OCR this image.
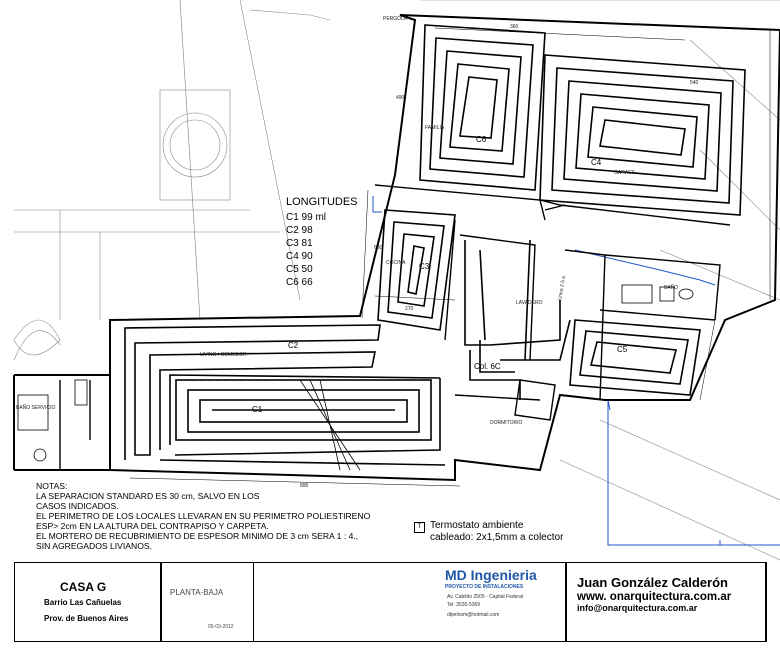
C1
C2
C3
C4
C5
C6
Col. 6C
LIVING / COMEDOR
COCINA
LAVADERO
GARAGE
FAMILIA
BAÑO
DORMITORIO
BAÑO SERVICIO
PERGOLA
Linea 2.5 a
895
360
270
630
540
490
LONGITUDES
C1 99 ml
C2 98
C3 81
C4 90
C5 50
C6 66
NOTAS:
LA SEPARACION STANDARD ES 30 cm, SALVO EN LOS
CASOS INDICADOS.
EL PERIMETRO DE LOS LOCALES LLEVARAN EN SU PERIMETRO POLIESTIRENO
ESP> 2cm EN LA ALTURA DEL CONTRAPISO Y CARPETA.
EL MORTERO DE RECUBRIMIENTO DE ESPESOR MINIMO DE 3 cm SERA 1 : 4.,
SIN AGREGADOS LIVIANOS.
T Termostato ambiente
cableado: 2x1,5mm a colector
CASA G
Barrio Las Cañuelas
Prov. de Buenos Aires
PLANTA-BAJA
05-03-2012
MD Ingenieria
PROYECTO DE INSTALACIONES
Av. Cabildo 2505 - Capital Federal
Tel: 3535-5369
dlpelnom@hotmail.com
Juan González Calderón
www. onarquitectura.com.ar
info@onarquitectura.com.ar
